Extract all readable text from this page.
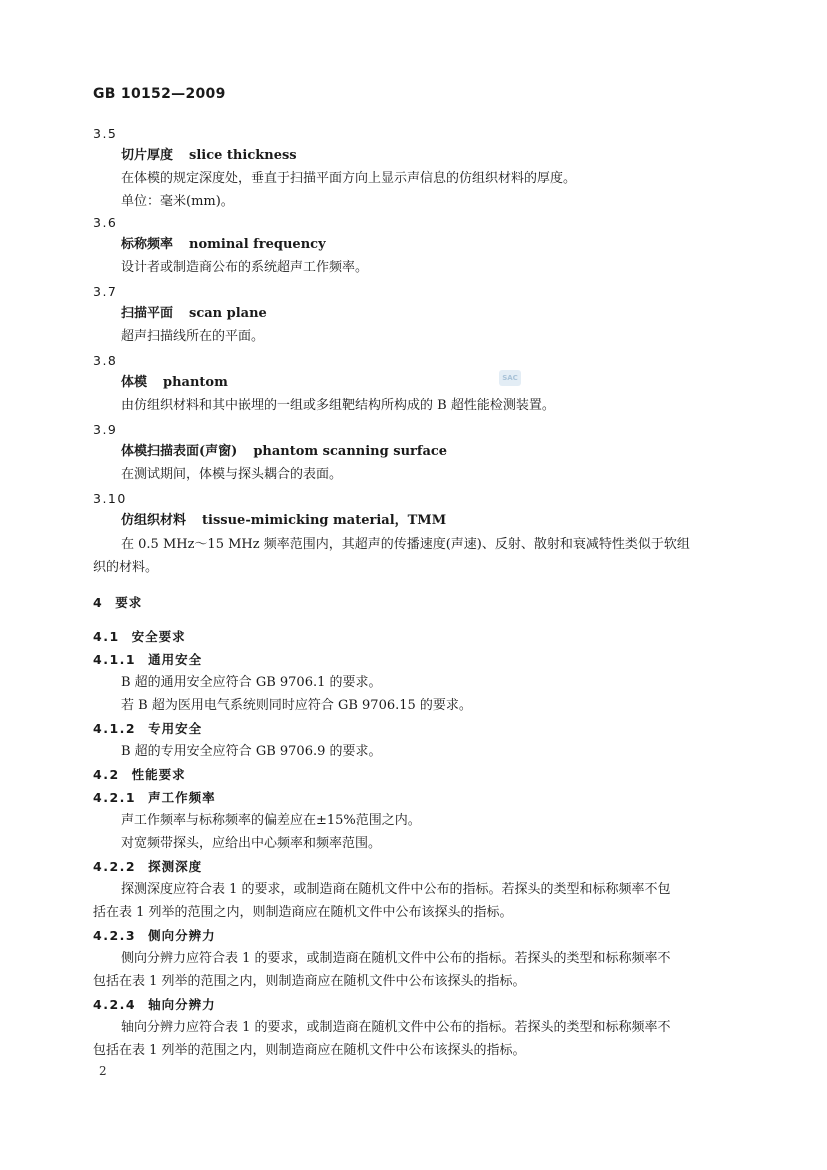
GB 10152—2009
SAC
3.5
切片厚度 slice thickness
在体模的规定深度处，垂直于扫描平面方向上显示声信息的仿组织材料的厚度。
单位：毫米(mm)。
3.6
标称频率 nominal frequency
设计者或制造商公布的系统超声工作频率。
3.7
扫描平面 scan plane
超声扫描线所在的平面。
3.8
体模 phantom
由仿组织材料和其中嵌埋的一组或多组靶结构所构成的 B 超性能检测装置。
3.9
体模扫描表面(声窗) phantom scanning surface
在测试期间，体模与探头耦合的表面。
3.10
仿组织材料 tissue-mimicking material，TMM
在 0.5 MHz～15 MHz 频率范围内，其超声的传播速度(声速)、反射、散射和衰减特性类似于软组
织的材料。
4 要求
4.1 安全要求
4.1.1 通用安全
B 超的通用安全应符合 GB 9706.1 的要求。
若 B 超为医用电气系统则同时应符合 GB 9706.15 的要求。
4.1.2 专用安全
B 超的专用安全应符合 GB 9706.9 的要求。
4.2 性能要求
4.2.1 声工作频率
声工作频率与标称频率的偏差应在±15%范围之内。
对宽频带探头，应给出中心频率和频率范围。
4.2.2 探测深度
探测深度应符合表 1 的要求，或制造商在随机文件中公布的指标。若探头的类型和标称频率不包
括在表 1 列举的范围之内，则制造商应在随机文件中公布该探头的指标。
4.2.3 侧向分辨力
侧向分辨力应符合表 1 的要求，或制造商在随机文件中公布的指标。若探头的类型和标称频率不
包括在表 1 列举的范围之内，则制造商应在随机文件中公布该探头的指标。
4.2.4 轴向分辨力
轴向分辨力应符合表 1 的要求，或制造商在随机文件中公布的指标。若探头的类型和标称频率不
包括在表 1 列举的范围之内，则制造商应在随机文件中公布该探头的指标。
2
